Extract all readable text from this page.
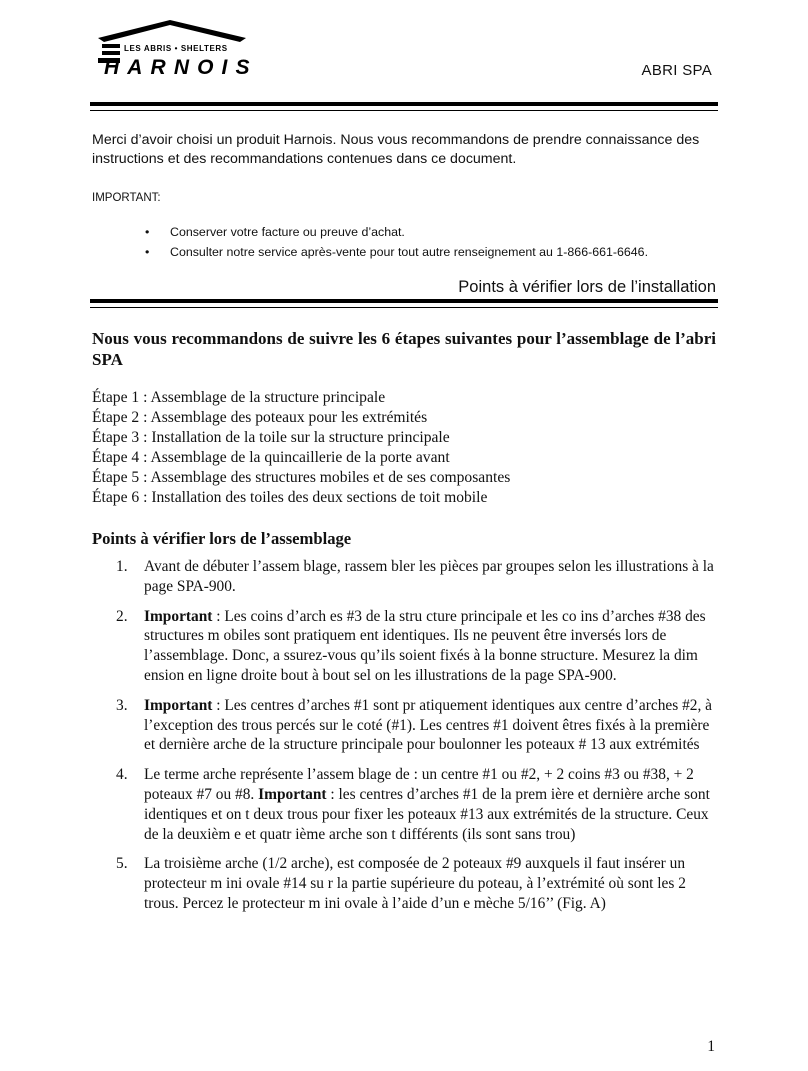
LES ABRIS • SHELTERS
HARNOIS	ABRI SPA
Merci d’avoir choisi un produit Harnois. Nous vous recommandons de prendre connaissance des instructions et des recommandations contenues dans ce document.
IMPORTANT:
• Conserver votre facture ou preuve d’achat.
• Consulter notre service après-vente pour tout autre renseignement au 1-866-661-6646.
Points à vérifier lors de l’installation
Nous vous recommandons de suivre les 6 étapes suivantes pour l’assemblage de l’abri SPA
Étape 1 : Assemblage de la structure principale
Étape 2 : Assemblage des poteaux pour les extrémités
Étape 3 : Installation de la toile sur la structure principale
Étape 4 : Assemblage de la quincaillerie de la porte avant
Étape 5 : Assemblage des structures mobiles et de ses composantes
Étape 6 : Installation des toiles des deux sections de toit mobile
Points à vérifier lors de l’assemblage
1. Avant de débuter l’assem blage, rassem bler les pièces par groupes selon les illustrations à la page SPA-900.
2. Important : Les coins d’arch es #3 de la stru cture principale et les co ins d’arches #38 des structures m obiles sont pratiquem ent identiques. Ils ne peuvent être inversés lors de l’assemblage. Donc, a ssurez-vous qu’ils soient fixés à la bonne structure. Mesurez la dim ension en ligne droite bout à bout sel on les illustrations de la page SPA-900.
3. Important : Les centres d’arches #1 sont pr atiquement identiques aux centre d’arches #2, à l’exception des trous percés sur le coté (#1). Les centres #1 doivent êtres fixés à la première et dernière arche de la structure principale pour boulonner les poteaux # 13 aux extrémités
4. Le terme arche représente l’assem blage de : un centre #1 ou #2, + 2 coins #3 ou #38, + 2 poteaux #7 ou #8. Important : les centres d’arches #1 de la prem ière et dernière arche sont identiques et on t deux trous pour fixer les poteaux #13 aux extrémités de la structure. Ceux de la deuxièm e et quatr ième arche son t différents (ils sont sans trou)
5. La troisième arche (1/2 arche), est composée de 2 poteaux #9 auxquels il faut insérer un protecteur m ini ovale #14 su r la partie supérieure du poteau, à l’extrémité où sont les 2 trous. Percez le protecteur m ini ovale à l’aide d’un e mèche 5/16’’ (Fig. A)
1
